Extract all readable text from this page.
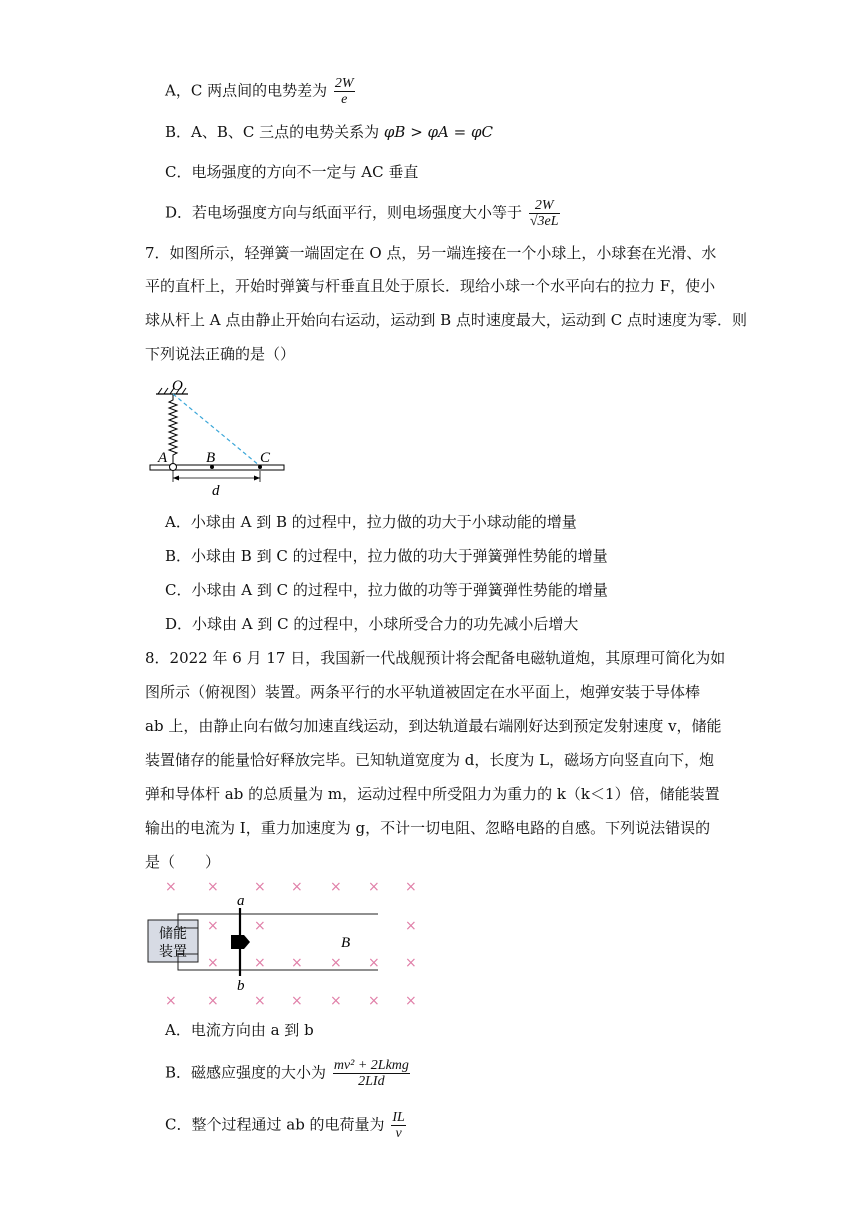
A，C 两点间的电势差为 $\frac{2W}{e}$
B．A、B、C 三点的电势关系为 φB > φA = φC
C．电场强度的方向不一定与 AC 垂直
D．若电场强度方向与纸面平行，则电场强度大小等于 $\frac{2W}{√3eL}$
7．如图所示，轻弹簧一端固定在 O 点，另一端连接在一个小球上，小球套在光滑、水
平的直杆上，开始时弹簧与杆垂直且处于原长．现给小球一个水平向右的拉力 F，使小
球从杆上 A 点由静止开始向右运动，运动到 B 点时速度最大，运动到 C 点时速度为零．则
下列说法正确的是（）
O
A	B	C
d
A．小球由 A 到 B 的过程中，拉力做的功大于小球动能的增量
B．小球由 B 到 C 的过程中，拉力做的功大于弹簧弹性势能的增量
C．小球由 A 到 C 的过程中，拉力做的功等于弹簧弹性势能的增量
D．小球由 A 到 C 的过程中，小球所受合力的功先减小后增大
8．2022 年 6 月 17 日，我国新一代战舰预计将会配备电磁轨道炮，其原理可简化为如
图所示（俯视图）装置。两条平行的水平轨道被固定在水平面上，炮弹安装于导体棒
ab 上，由静止向右做匀加速直线运动，到达轨道最右端刚好达到预定发射速度 v，储能
装置储存的能量恰好释放完毕。已知轨道宽度为 d，长度为 L，磁场方向竖直向下，炮
弹和导体杆 ab 的总质量为 m，运动过程中所受阻力为重力的 k（k＜1）倍，储能装置
输出的电流为 I，重力加速度为 g，不计一切电阻、忽略电路的自感。下列说法错误的
是（　　）
× ×	× × × × ×
×	×	×
×	× × × × ×
× ×	× × × × ×
储能
装置
a
b
B
A．电流方向由 a 到 b
B．磁感应强度的大小为 $\frac{\text{mv² + 2Lkmg}}{\text{2LId}}$
C．整个过程通过 ab 的电荷量为 $\frac{IL}{v}$
